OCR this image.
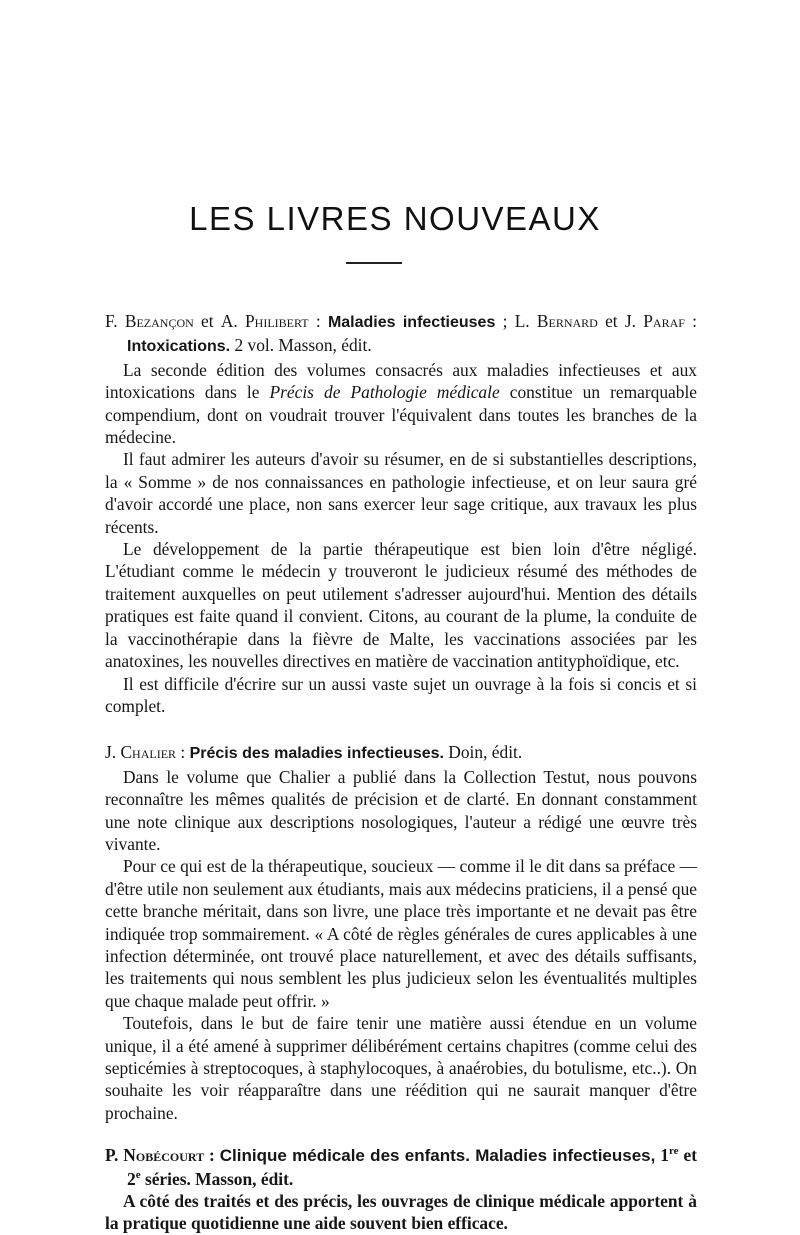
LES LIVRES NOUVEAUX

F. Bezançon et A. Philibert : Maladies infectieuses ; L. Bernard et J. Paraf : Intoxications. 2 vol. Masson, édit.

La seconde édition des volumes consacrés aux maladies infectieuses et aux intoxications dans le Précis de Pathologie médicale constitue un remarquable compendium, dont on voudrait trouver l'équivalent dans toutes les branches de la médecine.

Il faut admirer les auteurs d'avoir su résumer, en de si substantielles descriptions, la « Somme » de nos connaissances en pathologie infectieuse, et on leur saura gré d'avoir accordé une place, non sans exercer leur sage critique, aux travaux les plus récents.

Le développement de la partie thérapeutique est bien loin d'être négligé. L'étudiant comme le médecin y trouveront le judicieux résumé des méthodes de traitement auxquelles on peut utilement s'adresser aujourd'hui. Mention des détails pratiques est faite quand il convient. Citons, au courant de la plume, la conduite de la vaccinothérapie dans la fièvre de Malte, les vaccinations associées par les anatoxines, les nouvelles directives en matière de vaccination antityphoïdique, etc.

Il est difficile d'écrire sur un aussi vaste sujet un ouvrage à la fois si concis et si complet.

J. Chalier : Précis des maladies infectieuses. Doin, édit.

Dans le volume que Chalier a publié dans la Collection Testut, nous pouvons reconnaître les mêmes qualités de précision et de clarté. En donnant constamment une note clinique aux descriptions nosologiques, l'auteur a rédigé une œuvre très vivante.

Pour ce qui est de la thérapeutique, soucieux — comme il le dit dans sa préface — d'être utile non seulement aux étudiants, mais aux médecins praticiens, il a pensé que cette branche méritait, dans son livre, une place très importante et ne devait pas être indiquée trop sommairement. « A côté de règles générales de cures applicables à une infection déterminée, ont trouvé place naturellement, et avec des détails suffisants, les traitements qui nous semblent les plus judicieux selon les éventualités multiples que chaque malade peut offrir. »

Toutefois, dans le but de faire tenir une matière aussi étendue en un volume unique, il a été amené à supprimer délibérément certains chapitres (comme celui des septicémies à streptocoques, à staphylocoques, à anaérobies, du botulisme, etc..). On souhaite les voir réapparaître dans une réédition qui ne saurait manquer d'être prochaine.

P. Nobécourt : Clinique médicale des enfants. Maladies infectieuses, 1re et 2e séries. Masson, édit.

A côté des traités et des précis, les ouvrages de clinique médicale apportent à la pratique quotidienne une aide souvent bien efficace.
